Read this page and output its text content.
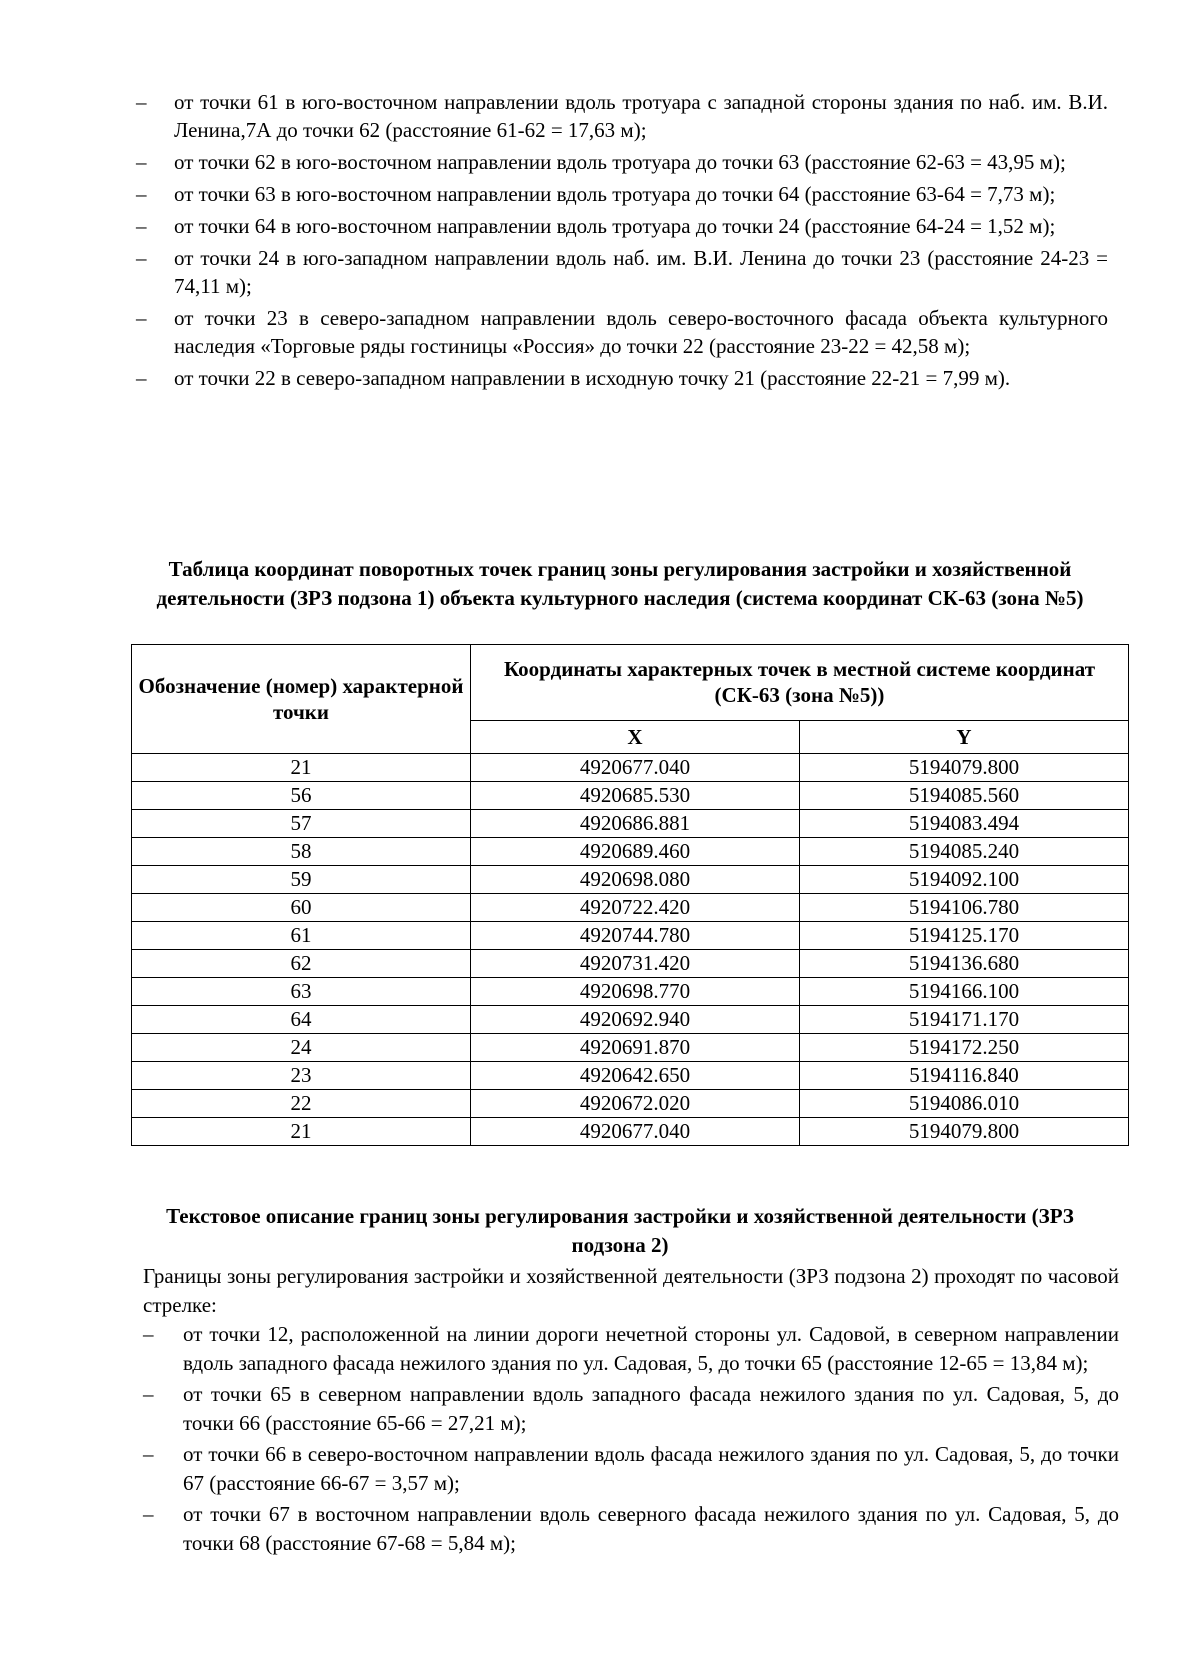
–	от точки 61 в юго-восточном направлении вдоль тротуара с западной стороны здания по наб. им. В.И. Ленина,7А до точки 62 (расстояние 61-62 = 17,63 м);
–	от точки 62 в юго-восточном направлении вдоль тротуара до точки 63 (расстояние 62-63 = 43,95 м);
–	от точки 63 в юго-восточном направлении вдоль тротуара до точки 64 (расстояние 63-64 = 7,73 м);
–	от точки 64 в юго-восточном направлении вдоль тротуара до точки 24 (расстояние 64-24 = 1,52 м);
–	от точки 24 в юго-западном направлении вдоль наб. им. В.И. Ленина до точки 23 (расстояние 24-23 = 74,11 м);
–	от точки 23 в северо-западном направлении вдоль северо-восточного фасада объекта культурного наследия «Торговые ряды гостиницы «Россия» до точки 22 (расстояние 23-22 = 42,58 м);
–	от точки 22 в северо-западном направлении в исходную точку 21 (расстояние 22-21 = 7,99 м).
Таблица координат поворотных точек границ зоны регулирования застройки и хозяйственной деятельности (ЗРЗ подзона 1) объекта культурного наследия (система координат СК-63 (зона №5)
Обозначение (номер) характерной точки	Координаты характерных точек в местной системе координат (СК-63 (зона №5))	
	X	Y
21	4920677.040	5194079.800
56	4920685.530	5194085.560
57	4920686.881	5194083.494
58	4920689.460	5194085.240
59	4920698.080	5194092.100
60	4920722.420	5194106.780
61	4920744.780	5194125.170
62	4920731.420	5194136.680
63	4920698.770	5194166.100
64	4920692.940	5194171.170
24	4920691.870	5194172.250
23	4920642.650	5194116.840
22	4920672.020	5194086.010
21	4920677.040	5194079.800
Текстовое описание границ зоны регулирования застройки и хозяйственной деятельности (ЗРЗ подзона 2)
Границы зоны регулирования застройки и хозяйственной деятельности (ЗРЗ подзона 2) проходят по часовой стрелке:
–	от точки 12, расположенной на линии дороги нечетной стороны ул. Садовой, в северном направлении вдоль западного фасада нежилого здания по ул. Садовая, 5, до точки 65 (расстояние 12-65 = 13,84 м);
–	от точки 65 в северном направлении вдоль западного фасада нежилого здания по ул. Садовая, 5, до точки 66 (расстояние 65-66 = 27,21 м);
–	от точки 66 в северо-восточном направлении вдоль фасада нежилого здания по ул. Садовая, 5, до точки 67 (расстояние 66-67 = 3,57 м);
–	от точки 67 в восточном направлении вдоль северного фасада нежилого здания по ул. Садовая, 5, до точки 68 (расстояние 67-68 = 5,84 м);
